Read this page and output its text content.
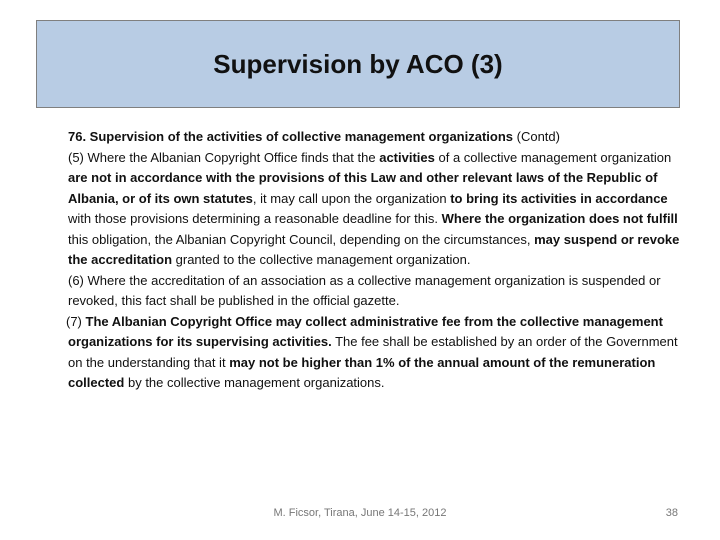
Supervision by ACO (3)

76. Supervision of the activities of collective management organizations (Contd)

(5) Where the Albanian Copyright Office finds that the activities of a collective management organization are not in accordance with the provisions of this Law and other relevant laws of the Republic of Albania, or of its own statutes, it may call upon the organization to bring its activities in accordance with those provisions determining a reasonable deadline for this. Where the organization does not fulfill this obligation, the Albanian Copyright Council, depending on the circumstances, may suspend or revoke the accreditation granted to the collective management organization.

(6) Where the accreditation of an association as a collective management organization is suspended or revoked, this fact shall be published in the official gazette.

(7) The Albanian Copyright Office may collect administrative fee from the collective management organizations for its supervising activities. The fee shall be established by an order of the Government on the understanding that it may not be higher than 1% of the annual amount of the remuneration collected by the collective management organizations.

M. Ficsor, Tirana, June 14-15, 2012	38
